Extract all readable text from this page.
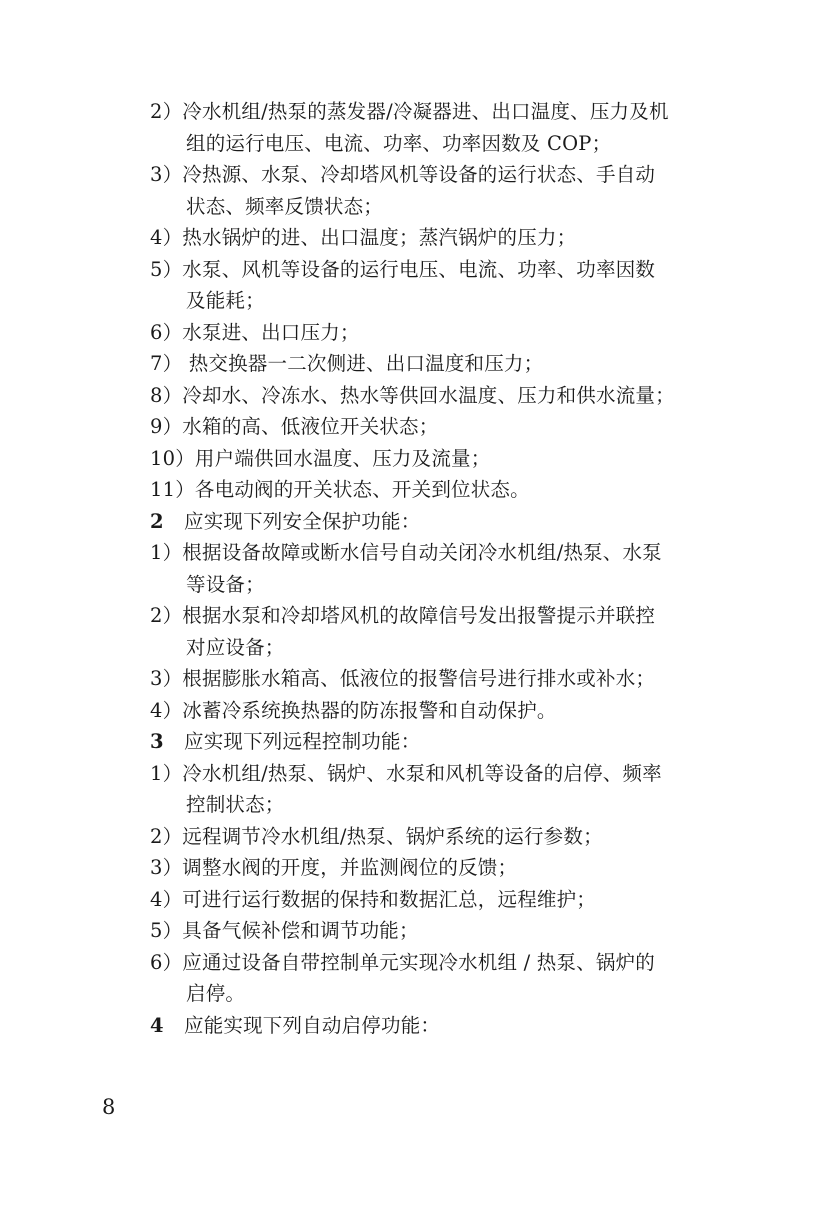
2）冷水机组/热泵的蒸发器/冷凝器进、出口温度、压力及机
组的运行电压、电流、功率、功率因数及 COP；
3）冷热源、水泵、冷却塔风机等设备的运行状态、手自动
状态、频率反馈状态；
4）热水锅炉的进、出口温度；蒸汽锅炉的压力；
5）水泵、风机等设备的运行电压、电流、功率、功率因数
及能耗；
6）水泵进、出口压力；
7） 热交换器一二次侧进、出口温度和压力；
8）冷却水、冷冻水、热水等供回水温度、压力和供水流量；
9）水箱的高、低液位开关状态；
10）用户端供回水温度、压力及流量；
11）各电动阀的开关状态、开关到位状态。
2 应实现下列安全保护功能：
1）根据设备故障或断水信号自动关闭冷水机组/热泵、水泵
等设备；
2）根据水泵和冷却塔风机的故障信号发出报警提示并联控
对应设备；
3）根据膨胀水箱高、低液位的报警信号进行排水或补水；
4）冰蓄冷系统换热器的防冻报警和自动保护。
3 应实现下列远程控制功能：
1）冷水机组/热泵、锅炉、水泵和风机等设备的启停、频率
控制状态；
2）远程调节冷水机组/热泵、锅炉系统的运行参数；
3）调整水阀的开度，并监测阀位的反馈；
4）可进行运行数据的保持和数据汇总，远程维护；
5）具备气候补偿和调节功能；
6）应通过设备自带控制单元实现冷水机组 / 热泵、锅炉的
启停。
4 应能实现下列自动启停功能：
8
